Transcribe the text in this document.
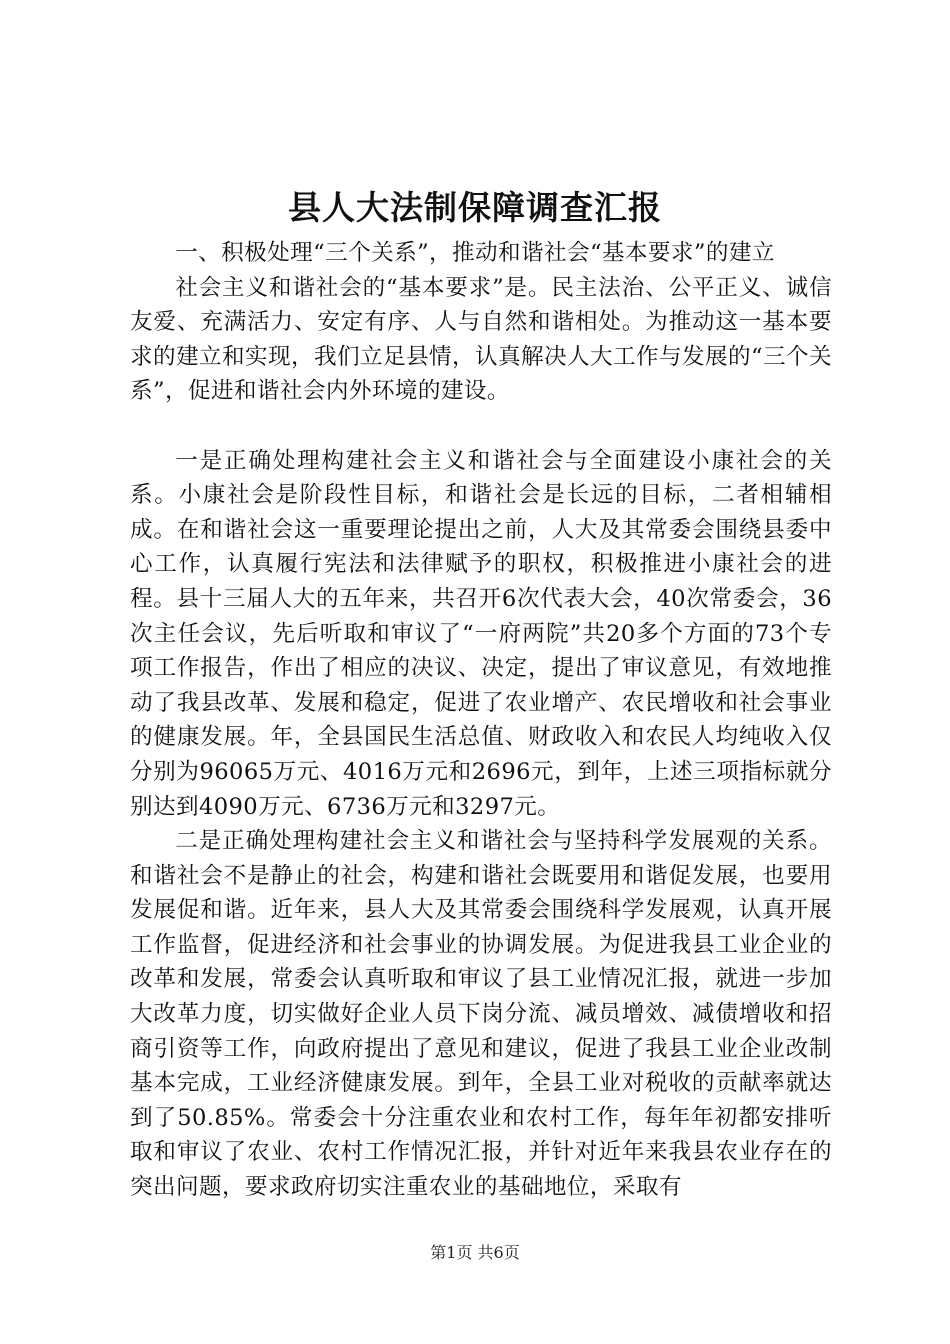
县人大法制保障调查汇报

一、积极处理“三个关系”，推动和谐社会“基本要求”的建立

社会主义和谐社会的“基本要求”是。民主法治、公平正义、诚信友爱、充满活力、安定有序、人与自然和谐相处。为推动这一基本要求的建立和实现，我们立足县情，认真解决人大工作与发展的“三个关系”，促进和谐社会内外环境的建设。

一是正确处理构建社会主义和谐社会与全面建设小康社会的关系。小康社会是阶段性目标，和谐社会是长远的目标，二者相辅相成。在和谐社会这一重要理论提出之前，人大及其常委会围绕县委中心工作，认真履行宪法和法律赋予的职权，积极推进小康社会的进程。县十三届人大的五年来，共召开6次代表大会，40次常委会，36次主任会议，先后听取和审议了“一府两院”共20多个方面的73个专项工作报告，作出了相应的决议、决定，提出了审议意见，有效地推动了我县改革、发展和稳定，促进了农业增产、农民增收和社会事业的健康发展。年，全县国民生活总值、财政收入和农民人均纯收入仅分别为96065万元、4016万元和2696元，到年，上述三项指标就分别达到4090万元、6736万元和3297元。

二是正确处理构建社会主义和谐社会与坚持科学发展观的关系。和谐社会不是静止的社会，构建和谐社会既要用和谐促发展，也要用发展促和谐。近年来，县人大及其常委会围绕科学发展观，认真开展工作监督，促进经济和社会事业的协调发展。为促进我县工业企业的改革和发展，常委会认真听取和审议了县工业情况汇报，就进一步加大改革力度，切实做好企业人员下岗分流、减员增效、减债增收和招商引资等工作，向政府提出了意见和建议，促进了我县工业企业改制基本完成，工业经济健康发展。到年，全县工业对税收的贡献率就达到了50.85%。常委会十分注重农业和农村工作，每年年初都安排听取和审议了农业、农村工作情况汇报，并针对近年来我县农业存在的突出问题，要求政府切实注重农业的基础地位，采取有

第1页 共6页
